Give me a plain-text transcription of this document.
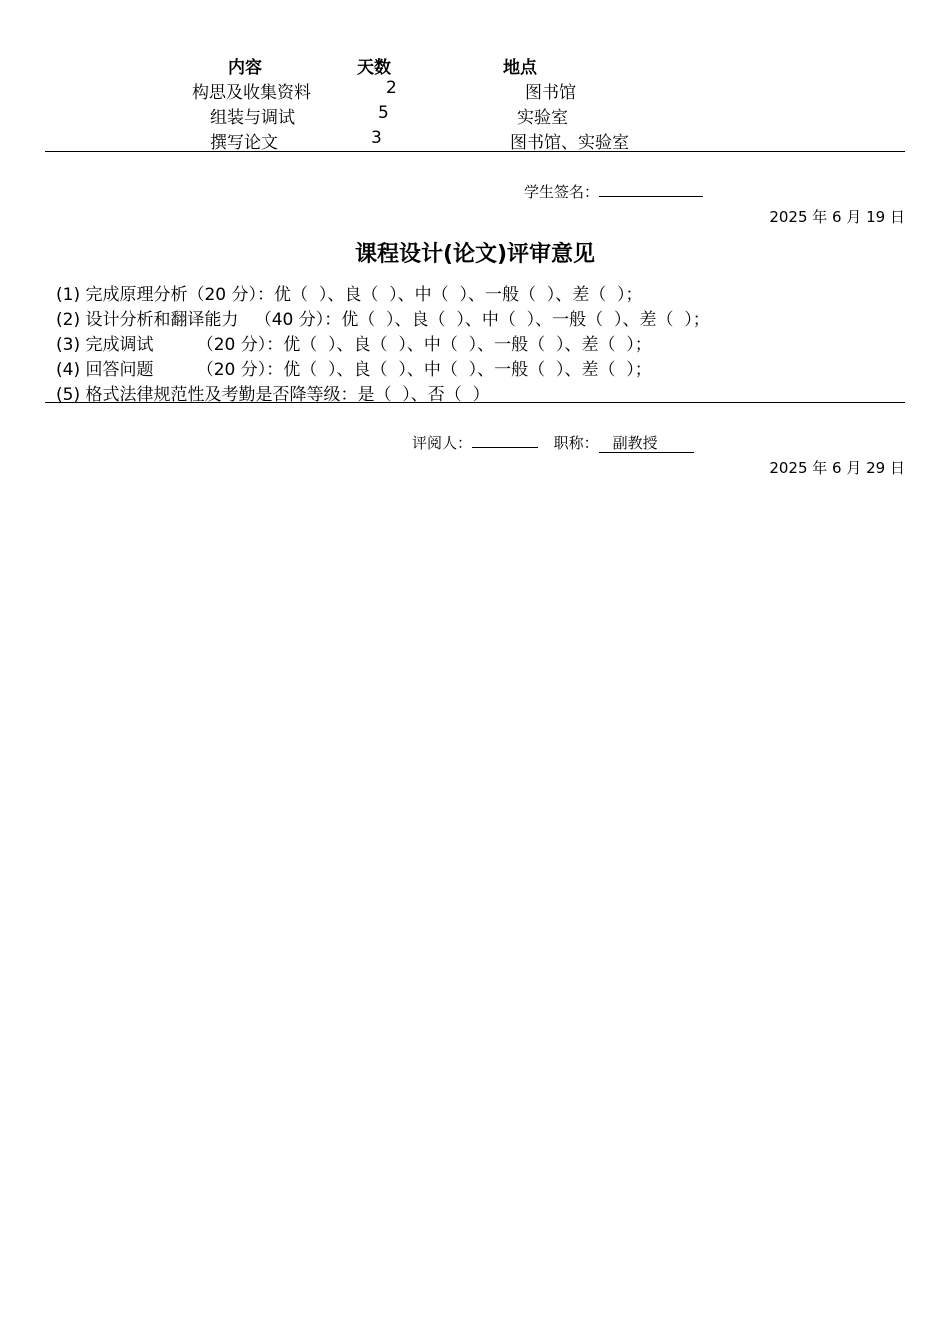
内容	天数	地点
构思及收集资料	2	图书馆
组装与调试	5	实验室
撰写论文	3	图书馆、实验室
学生签名：
2025 年 6 月 19 日
课程设计(论文)评审意见
(1) 完成原理分析（20 分）：优（  ）、良（  ）、中（  ）、一般（  ）、差（  ）；
(2) 设计分析和翻译能力   （40 分）：优（  ）、良（  ）、中（  ）、一般（  ）、差（  ）；
(3) 完成调试        （20 分）：优（  ）、良（  ）、中（  ）、一般（  ）、差（  ）；
(4) 回答问题        （20 分）：优（  ）、良（  ）、中（  ）、一般（  ）、差（  ）；
(5) 格式法律规范性及考勤是否降等级：是（  ）、否（  ）
评阅人：	职称： 副教授
2025 年 6 月 29 日
